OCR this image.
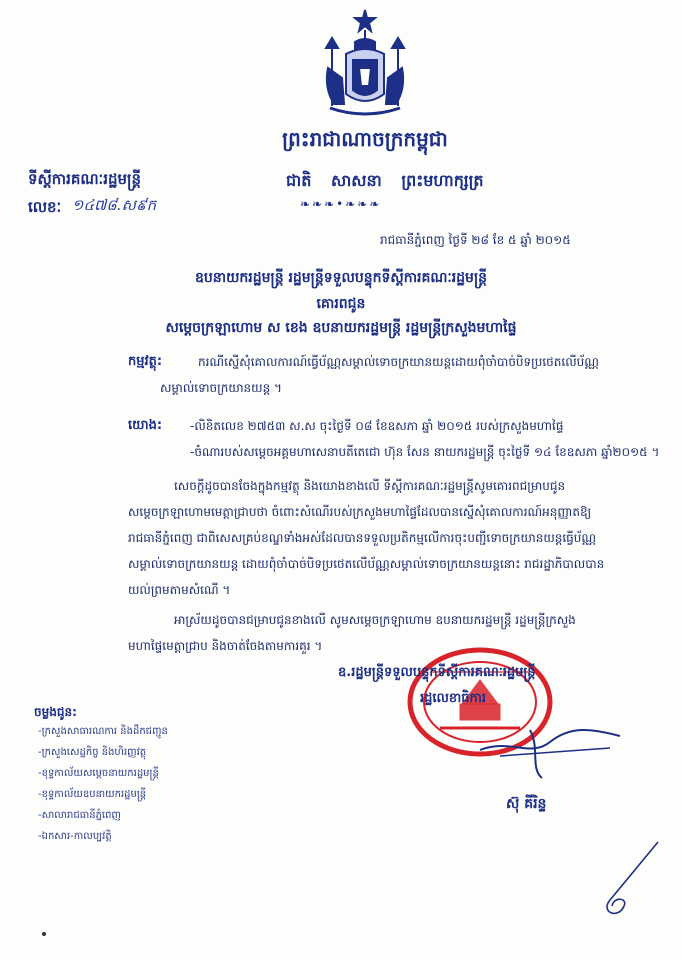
ព្រះរាជាណាចក្រកម្ពុជា
ទីស្ដីការគណៈរដ្ឋមន្ត្រី	ជាតិ សាសនា ព្រះមហាក្សត្រ
❧❧❧•❧❧❧
លេខៈ ១៤៧៨.ស៩ក
រាជធានីភ្នំពេញ ថ្ងៃទី ២៨ ខែ ៥ ឆ្នាំ ២០១៥
ឧបនាយករដ្ឋមន្ត្រី រដ្ឋមន្ត្រីទទួលបន្ទុកទីស្តីការគណៈរដ្ឋមន្ត្រី
គោរពជូន
សម្ដេចក្រឡាហោម ស ខេង ឧបនាយករដ្ឋមន្ត្រី រដ្ឋមន្ត្រីក្រសួងមហាផ្ទៃ
កម្មវត្ថុ:	ករណីស្នើសុំគោលការណ៍ធ្វើប័ណ្ណសម្គាល់ទោចក្រយានយន្តដោយពុំចាំបាច់បិទប្រថេតលើប័ណ្ណ
សម្គាល់ទោចក្រយានយន្ត ។
យោង: -លិខិតលេខ ២៧៥៣ ស.ស ចុះថ្ងៃទី ០៨ ខែឧសភា ឆ្នាំ ២០១៥ របស់ក្រសួងមហាផ្ទៃ
-ចំណារបស់សម្ដេចអគ្គមហាសេនាបតីតេជោ ហ៊ុន សែន នាយករដ្ឋមន្ត្រី ចុះថ្ងៃទី ១៤ ខែឧសភា ឆ្នាំ២០១៥ ។
សេចក្ដីដូចបានចែងក្នុងកម្មវត្ថុ និងយោងខាងលើ ទីស្ដីការគណៈរដ្ឋមន្ត្រីសូមគោរពជម្រាបជូន
សម្ដេចក្រឡាហោមមេត្តាជ្រាបថា ចំពោះសំណើរបស់ក្រសួងមហាផ្ទៃដែលបានស្នើសុំគោលការណ៍អនុញ្ញាតឱ្យ
រាជធានីភ្នំពេញ ជាពិសេសគ្រប់ខណ្ឌទាំងអស់ដែលបានទទួលប្រតិកម្មលើការចុះបញ្ជីទោចក្រយានយន្តធ្វើប័ណ្ណ
សម្គាល់ទោចក្រយានយន្ត ដោយពុំចាំបាច់បិទប្រថេតលើប័ណ្ណសម្គាល់ទោចក្រយានយន្តនោះ រាជរដ្ឋាភិបាលបាន
យល់ព្រមតាមសំណើ ។
អាស្រ័យដូចបានជម្រាបជូនខាងលើ សូមសម្ដេចក្រឡាហោម ឧបនាយករដ្ឋមន្ត្រី រដ្ឋមន្ត្រីក្រសួង
មហាផ្ទៃមេត្តាជ្រាប និងចាត់ចែងតាមការគួរ ។
ឧ.រដ្ឋមន្ត្រីទទួលបន្ទុកទីស្តីការគណៈរដ្ឋមន្ត្រី
រដ្ឋលេខាធិការ
ស៊ុ គីរិន្ទ
ចម្លងជូន:
-ក្រសួងសាធារណការ និងដឹកជញ្ជូន
-ក្រសួងសេដ្ឋកិច្ច និងហិរញ្ញវត្ថុ
-ខុទ្ទកាល័យសម្ដេចនាយករដ្ឋមន្ត្រី
-ខុទ្ទកាល័យឧបនាយករដ្ឋមន្ត្រី
-សាលារាជធានីភ្នំពេញ
-ឯកសារ-កាលប្បវត្តិ
